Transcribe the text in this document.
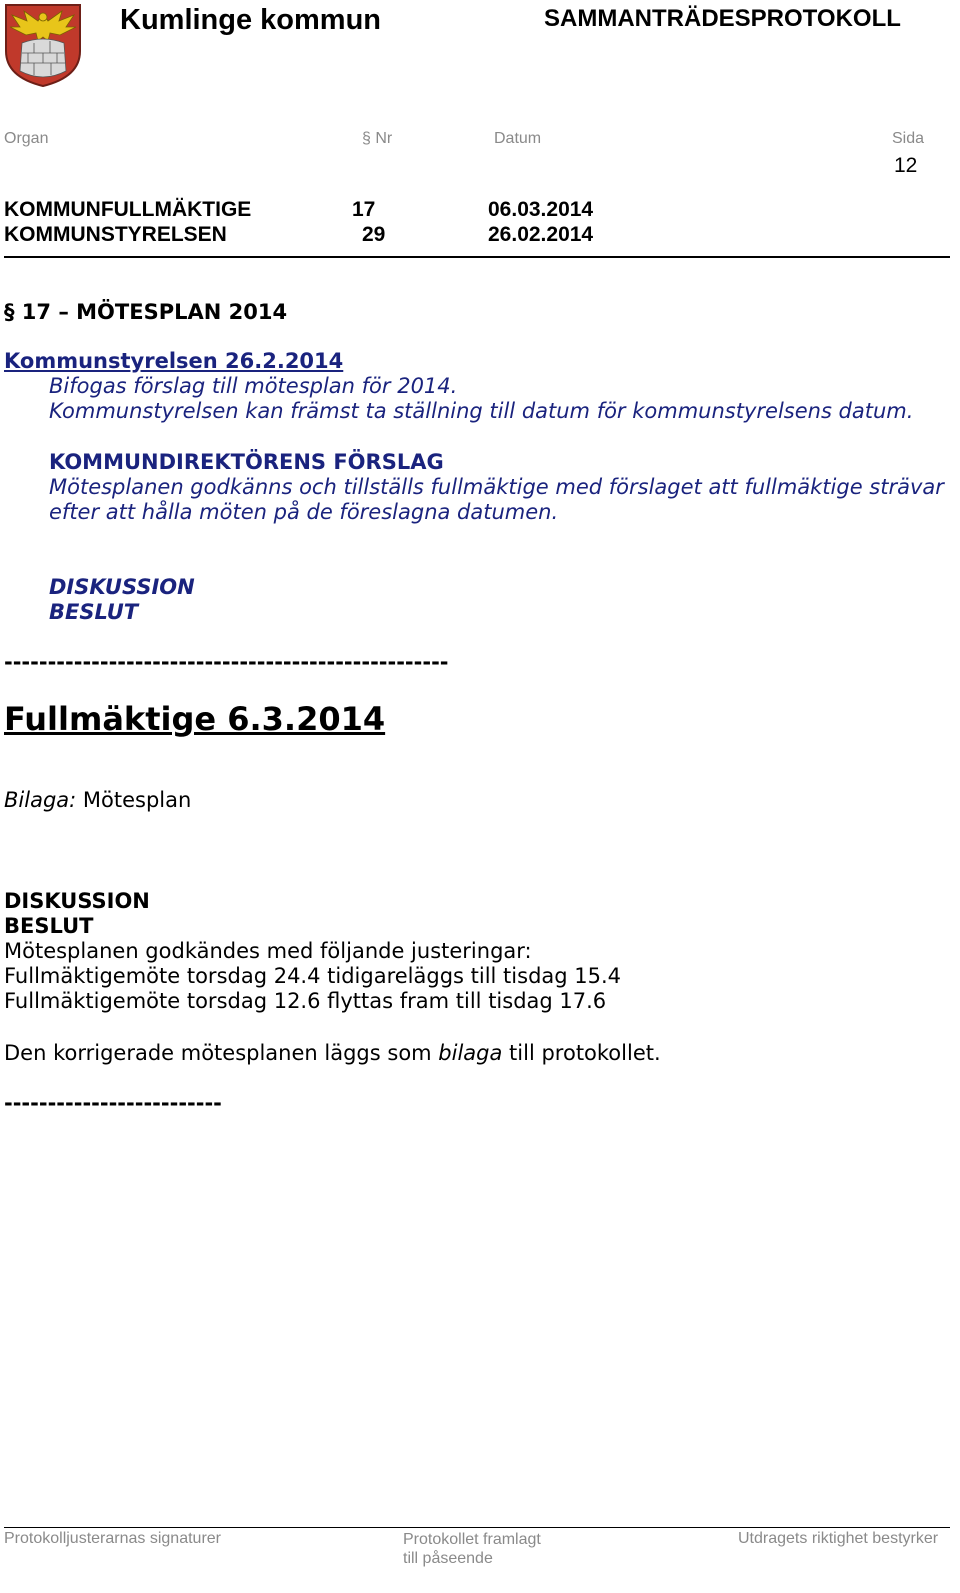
Kumlinge kommun	SAMMANTRÄDESPROTOKOLL
Organ	§ Nr	Datum	Sida
12
KOMMUNFULLMÄKTIGE	17	06.03.2014
KOMMUNSTYRELSEN	29	26.02.2014
§ 17 – MÖTESPLAN 2014
Kommunstyrelsen 26.2.2014
Bifogas förslag till mötesplan för 2014.
Kommunstyrelsen kan främst ta ställning till datum för kommunstyrelsens datum.
KOMMUNDIREKTÖRENS FÖRSLAG
Mötesplanen godkänns och tillställs fullmäktige med förslaget att fullmäktige strävar
efter att hålla möten på de föreslagna datumen.
DISKUSSION
BESLUT
---------------------------------------------------
Fullmäktige 6.3.2014
Bilaga: Mötesplan
DISKUSSION
BESLUT
Mötesplanen godkändes med följande justeringar:
Fullmäktigemöte torsdag 24.4 tidigareläggs till tisdag 15.4
Fullmäktigemöte torsdag 12.6 flyttas fram till tisdag 17.6
Den korrigerade mötesplanen läggs som bilaga till protokollet.
-------------------------
Protokolljusterarnas signaturer	Protokollet framlagt
till påseende
Utdragets riktighet bestyrker
